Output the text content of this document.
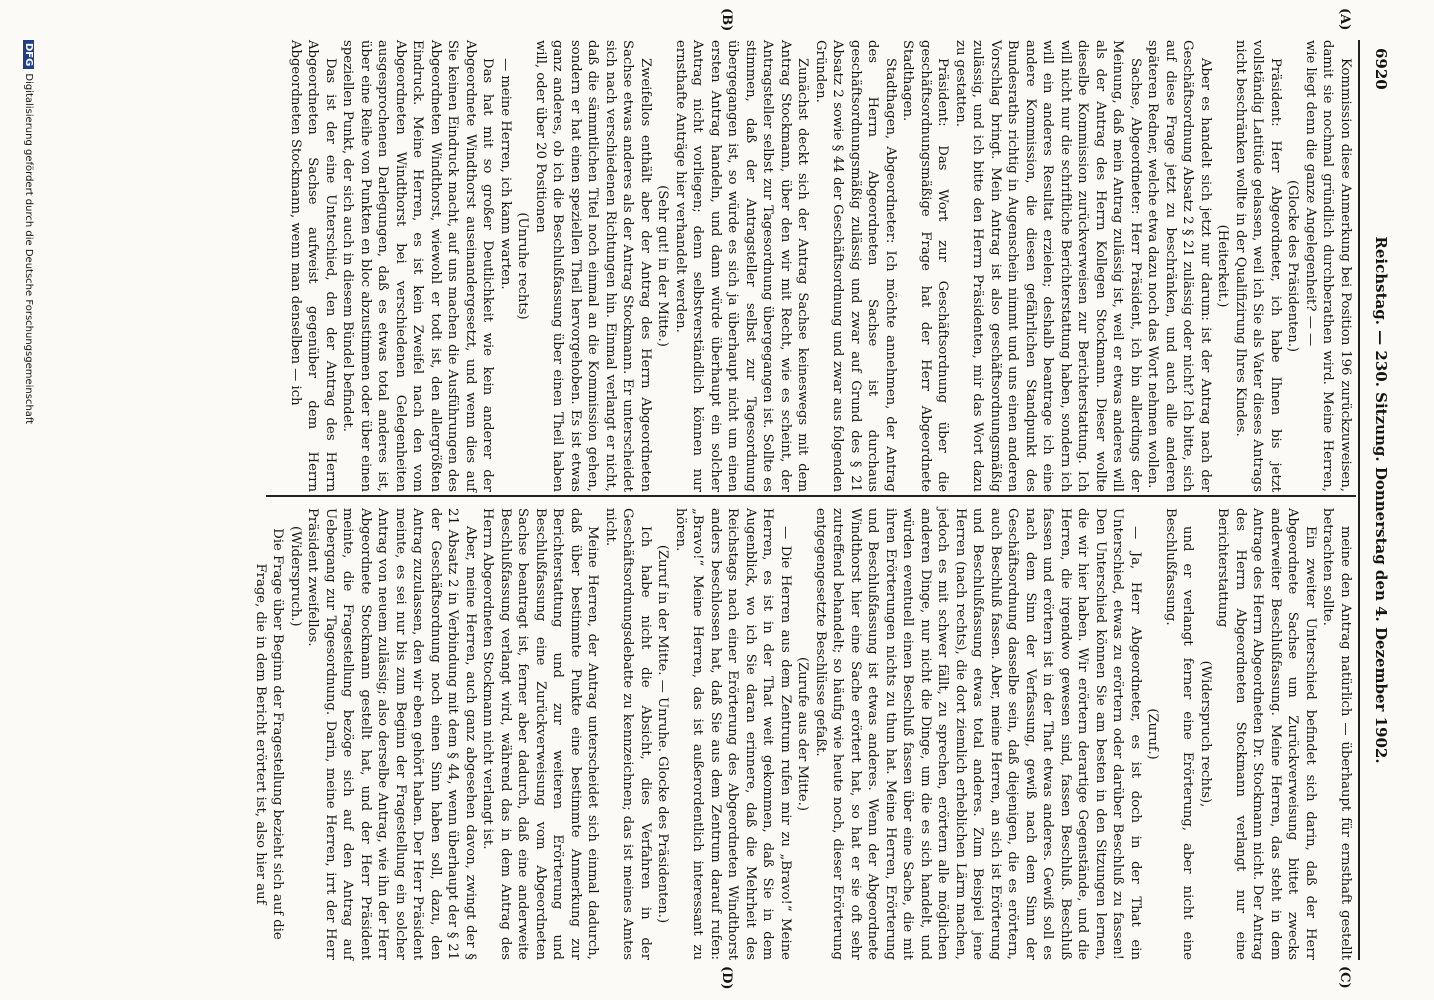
6920
Reichstag. — 230. Sitzung. Donnerstag den 4. Dezember 1902.
(A)
(B)
(C)
(D)

Kommission diese Anmerkung bei Position 196 zurückzuweisen, damit sie nochmal gründlich durchberathen wird. Meine Herren, wie liegt denn die ganze Angelegenheit? — —

(Glocke des Präsidenten.)

Präsident: Herr Abgeordneter, ich habe Ihnen bis jetzt vollständig Latitüde gelassen, weil ich Sie als Vater dieses Antrags nicht beschränken wollte in der Qualifizirung Ihres Kindes.

(Heiterkeit.)

Aber es handelt sich jetzt nur darum: ist der Antrag nach der Geschäftsordnung Absatz 2 § 21 zulässig oder nicht? Ich bitte, sich auf diese Frage jetzt zu beschränken, und auch alle anderen späteren Redner, welche etwa dazu noch das Wort nehmen wollen.

Sachse, Abgeordneter: Herr Präsident, ich bin allerdings der Meinung, daß mein Antrag zulässig ist, weil er etwas anderes will als der Antrag des Herrn Kollegen Stockmann. Dieser wollte dieselbe Kommission zurückverweisen zur Berichterstattung. Ich will nicht nur die schriftliche Berichterstattung haben, sondern ich will ein anderes Resultat erzielen; deshalb beantrage ich eine andere Kommission, die diesen gefährlichen Standpunkt des Bundesraths richtig in Augenschein nimmt und uns einen anderen Vorschlag bringt. Mein Antrag ist also geschäftsordnungsmäßig zulässig, und ich bitte den Herrn Präsidenten, mir das Wort dazu zu gestatten.

Präsident: Das Wort zur Geschäftsordnung über die geschäftsordnungsmäßige Frage hat der Herr Abgeordnete Stadthagen.

Stadthagen, Abgeordneter: Ich möchte annehmen, der Antrag des Herrn Abgeordneten Sachse ist durchaus geschäftsordnungsmäßig zulässig und zwar auf Grund des § 21 Absatz 2 sowie § 44 der Geschäftsordnung und zwar aus folgenden Gründen.

Zunächst deckt sich der Antrag Sachse keineswegs mit dem Antrag Stockmann, über den wir mit Recht, wie es scheint, der Antragsteller selbst zur Tagesordnung übergegangen ist. Sollte es stimmen, daß der Antragsteller selbst zur Tagesordnung übergegangen ist, so würde es sich ja überhaupt nicht um einen ersten Antrag handeln, und dann würde überhaupt ein solcher Antrag nicht vorliegen; denn selbstverständlich können nur ernsthafte Anträge hier verhandelt werden.

(Sehr gut! in der Mitte.)

Zweifellos enthält aber der Antrag des Herrn Abgeordneten Sachse etwas anderes als der Antrag Stockmann. Er unterscheidet sich nach verschiedenen Richtungen hin. Einmal verlangt er nicht, daß die sämmtlichen Titel noch einmal an die Kommission gehen, sondern er hat einen speziellen Theil hervorgehoben. Es ist etwas ganz anderes, ob ich die Beschlußfassung über einen Theil haben will, oder über 20 Positionen

(Unruhe rechts)

— meine Herren, ich kann warten.

Das hat mit so großer Deutlichkeit wie kein anderer der Abgeordnete Windthorst auseinandergesetzt, und wenn dies auf Sie keinen Eindruck macht, auf uns machen die Ausführungen des Abgeordneten Windthorst, wiewohl er todt ist, den allergrößten Eindruck. Meine Herren, es ist kein Zweifel nach den vom Abgeordneten Windthorst bei verschiedenen Gelegenheiten ausgesprochenen Darlegungen, daß es etwas total anderes ist, über eine Reihe von Punkten en bloc abzustimmen oder über einen speziellen Punkt, der sich auch in diesem Bündel befindet.

Das ist der eine Unterschied, den der Antrag des Herrn Abgeordneten Sachse aufweist gegenüber dem Herrn Abgeordneten Stockmann, wenn man denselben — ich

meine den Antrag natürlich — überhaupt für ernsthaft gestellt betrachten sollte.

Ein zweiter Unterschied befindet sich darin, daß der Herr Abgeordnete Sachse um Zurückverweisung bittet zwecks anderweiter Beschlußfassung. Meine Herren, das steht in dem Antrage des Herrn Abgeordneten Dr. Stockmann nicht. Der Antrag des Herrn Abgeordneten Stockmann verlangt nur eine Berichterstattung

(Widerspruch rechts),

und er verlangt ferner eine Erörterung, aber nicht eine Beschlußfassung.

(Zuruf.)

— Ja, Herr Abgeordneter, es ist doch in der That ein Unterschied, etwas zu erörtern oder darüber Beschluß zu fassen! Den Unterschied können Sie am besten in den Sitzungen lernen, die wir hier haben. Wir erörtern derartige Gegenstände, und die Herren, die irgendwo gewesen sind, fassen Beschluß. Beschluß fassen und erörtern ist in der That etwas anderes. Gewiß soll es nach dem Sinn der Verfassung, gewiß nach dem Sinn der Geschäftsordnung dasselbe sein, daß diejenigen, die es erörtern, auch Beschluß fassen. Aber, meine Herren, an sich ist Erörterung und Beschlußfassung etwas total anderes. Zum Beispiel jene Herren (nach rechts), die dort ziemlich erheblichen Lärm machen, jedoch es mit schwer fällt, zu sprechen, erörtern alle möglichen anderen Dinge, nur nicht die Dinge, um die es sich handelt, und würden eventuell einen Beschluß fassen über eine Sache, die mit ihren Erörterungen nichts zu thun hat. Meine Herren, Erörterung und Beschlußfassung ist etwas anderes. Wenn der Abgeordnete Windthorst hier eine Sache erörtert hat, so hat er sie oft sehr zutreffend behandelt; so häufig wie heute noch, dieser Erörterung entgegengesetzte Beschlüsse gefaßt.

(Zurufe aus der Mitte.)

— Die Herren aus dem Zentrum rufen mir zu „Bravo!“ Meine Herren, es ist in der That weit gekommen, daß Sie in dem Augenblick, wo ich Sie daran erinnere, daß die Mehrheit des Reichstags nach einer Erörterung des Abgeordneten Windthorst anders beschlossen hat, daß Sie aus dem Zentrum darauf rufen: „Bravo!“ Meine Herren, das ist außerordentlich interessant zu hören.

(Zuruf in der Mitte. — Unruhe. Glocke des Präsidenten.)

Ich habe nicht die Absicht, dies Verfahren in der Geschäftsordnungsdebatte zu kennzeichnen; das ist meines Amtes nicht.

Meine Herren, der Antrag unterscheidet sich einmal dadurch, daß über bestimmte Punkte eine bestimmte Anmerkung zur Berichterstattung und zur weiteren Erörterung und Beschlußfassung eine Zurückverweisung vom Abgeordneten Sachse beantragt ist, ferner aber dadurch, daß eine anderweite Beschlußfassung verlangt wird, während das in dem Antrag des Herrn Abgeordneten Stockmann nicht verlangt ist.

Aber, meine Herren, auch ganz abgesehen davon, zwingt der § 21 Absatz 2 in Verbindung mit dem § 44, wenn überhaupt der § 21 der Geschäftsordnung noch einen Sinn haben soll, dazu, den Antrag zuzulassen, den wir eben gehört haben. Der Herr Präsident meinte, es sei nur bis zum Beginn der Fragestellung ein solcher Antrag von neuem zulässig; also derselbe Antrag, wie ihn der Herr Abgeordnete Stockmann gestellt hat, und der Herr Präsident meinte, die Fragestellung bezöge sich auf den Antrag auf Uebergang zur Tagesordnung. Darin, meine Herren, irrt der Herr Präsident zweifellos.

(Widerspruch.)

Die Frage über Beginn der Fragestellung bezieht sich auf die Frage, die in dem Bericht erörtert ist, also hier auf

DFGDigitalisierung gefördert durch die Deutsche Forschungsgemeinschaft
